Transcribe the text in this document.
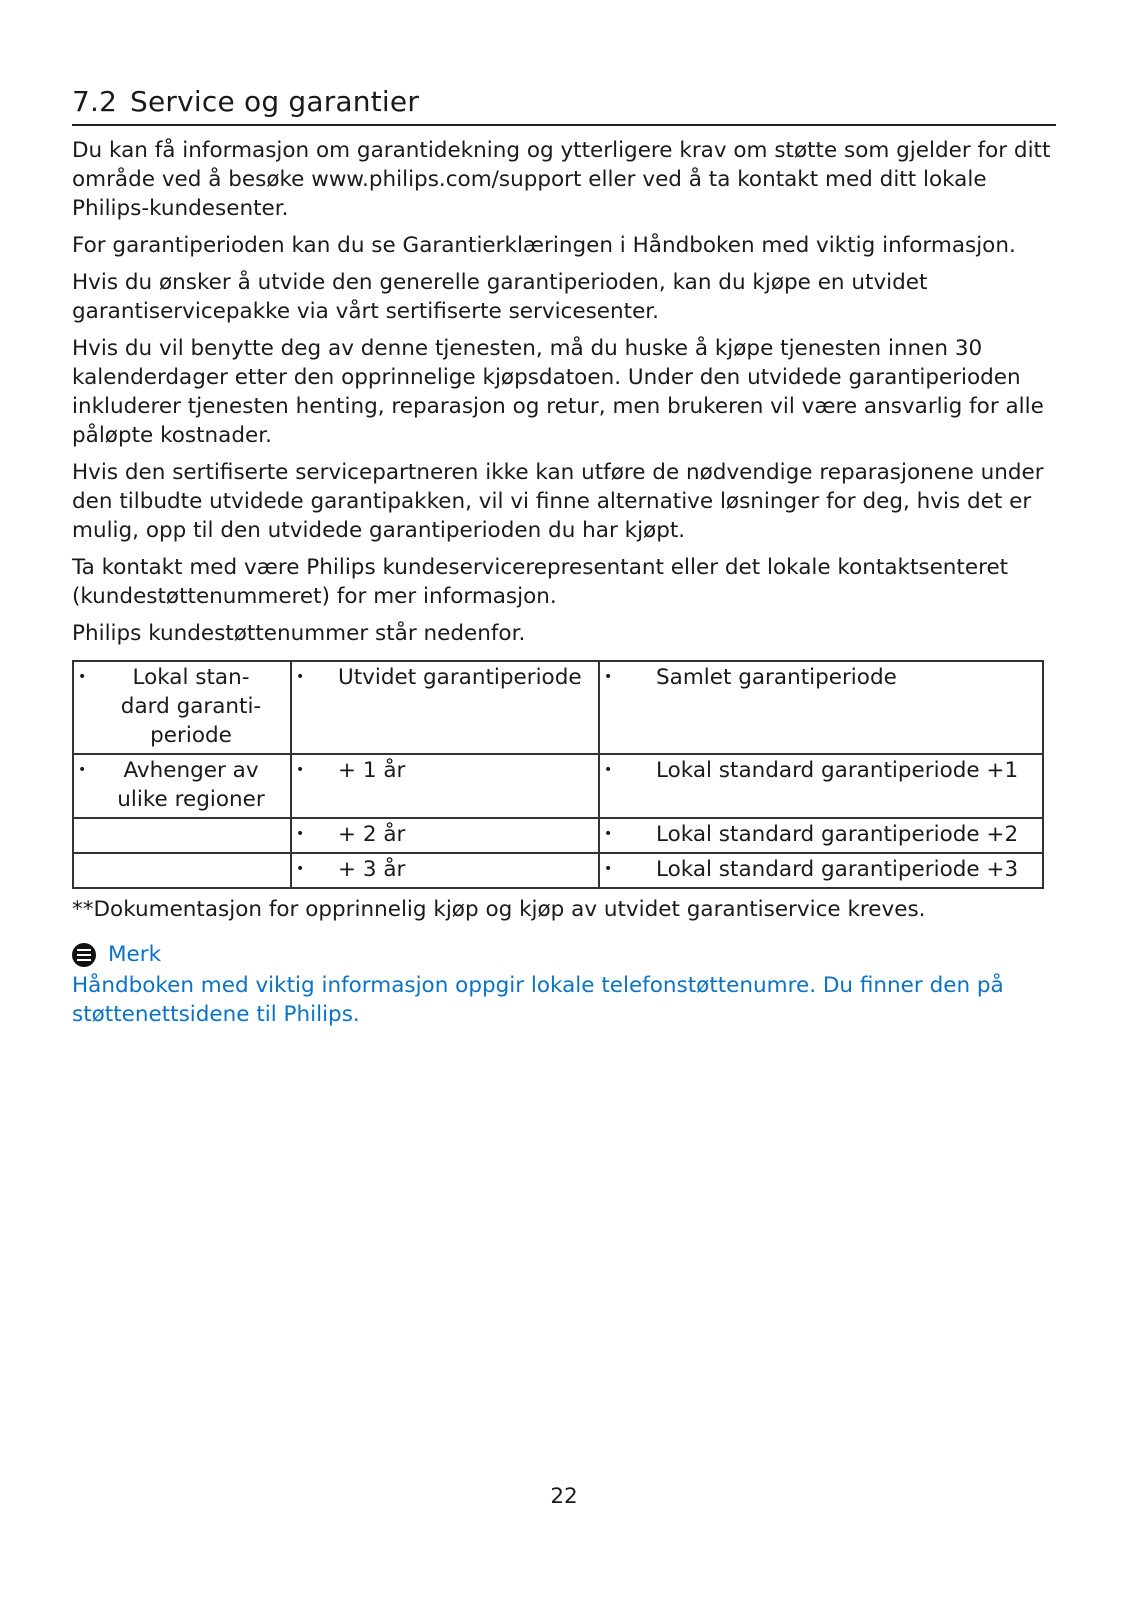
7.2 Service og garantier

Du kan få informasjon om garantidekning og ytterligere krav om støtte som gjelder for ditt område ved å besøke www.philips.com/support eller ved å ta kontakt med ditt lokale Philips-kundesenter.

For garantiperioden kan du se Garantierklæringen i Håndboken med viktig informasjon.

Hvis du ønsker å utvide den generelle garantiperioden, kan du kjøpe en utvidet garantiservicepakke via vårt sertifiserte servicesenter.

Hvis du vil benytte deg av denne tjenesten, må du huske å kjøpe tjenesten innen 30 kalenderdager etter den opprinnelige kjøpsdatoen. Under den utvidede garantiperioden inkluderer tjenesten henting, reparasjon og retur, men brukeren vil være ansvarlig for alle påløpte kostnader.

Hvis den sertifiserte servicepartneren ikke kan utføre de nødvendige reparasjonene under den tilbudte utvidede garantipakken, vil vi finne alternative løsninger for deg, hvis det er mulig, opp til den utvidede garantiperioden du har kjøpt.

Ta kontakt med være Philips kundeservicerepresentant eller det lokale kontaktsenteret (kundestøttenummeret) for mer informasjon.

Philips kundestøttenummer står nedenfor.

• Lokal stan-
dard garanti-
periode	• Utvidet garantiperiode	• Samlet garantiperiode

• Avhenger av
ulike regioner	• + 1 år	• Lokal standard garantiperiode +1

	• + 2 år	• Lokal standard garantiperiode +2

	• + 3 år	• Lokal standard garantiperiode +3
**Dokumentasjon for opprinnelig kjøp og kjøp av utvidet garantiservice kreves.
Merk
Håndboken med viktig informasjon oppgir lokale telefonstøttenumre. Du finner den på støttenettsidene til Philips.
22
